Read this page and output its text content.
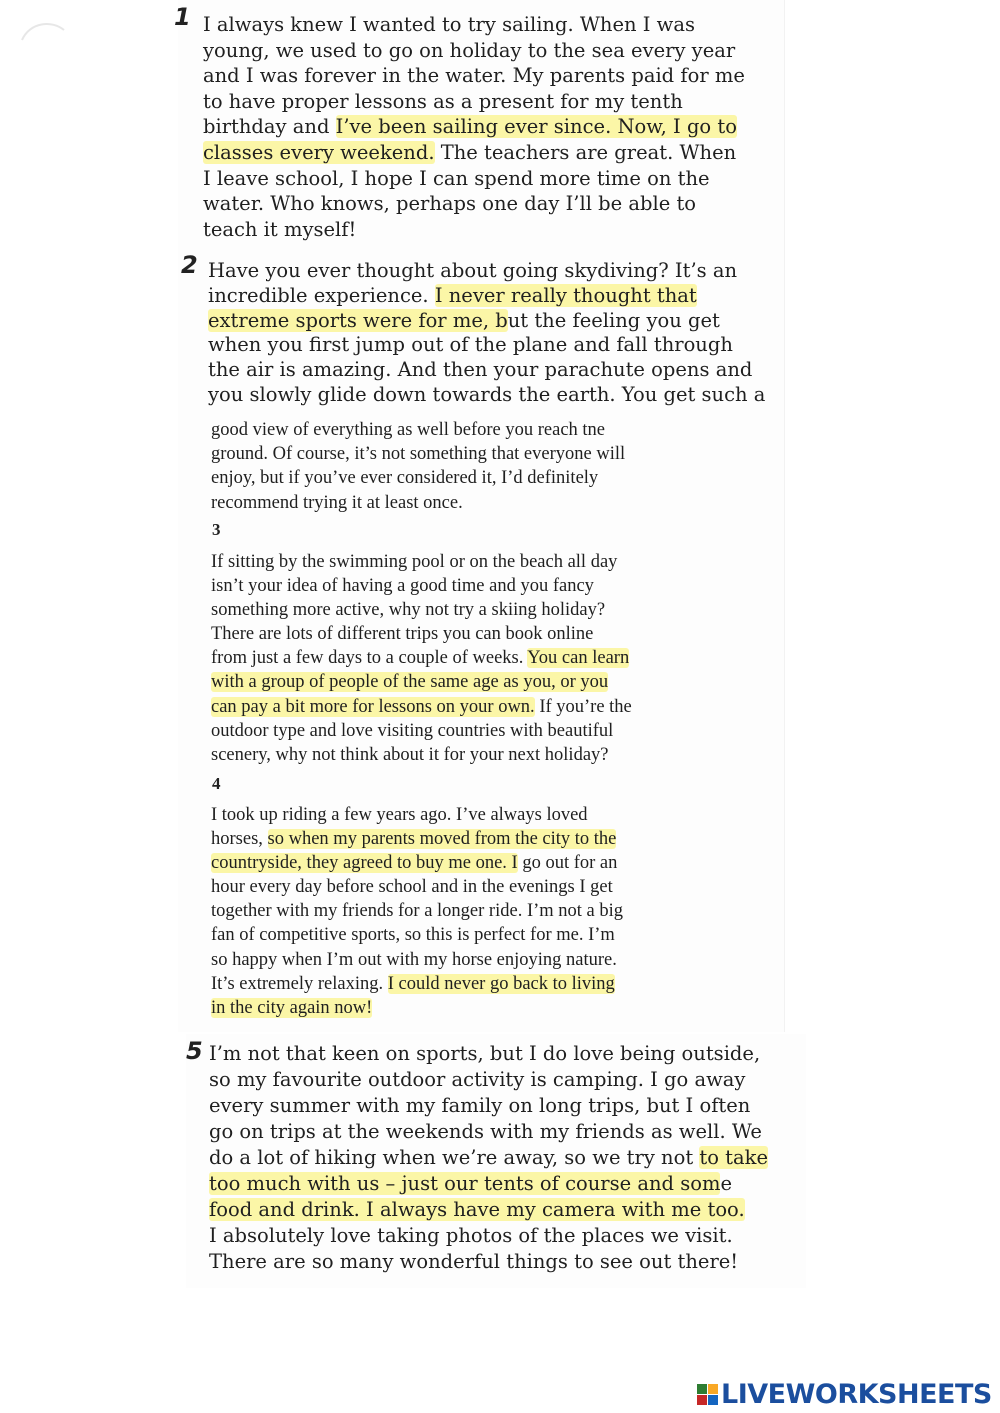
1 I always knew I wanted to try sailing. When I was
young, we used to go on holiday to the sea every year
and I was forever in the water. My parents paid for me
to have proper lessons as a present for my tenth
birthday and I’ve been sailing ever since. Now, I go to
classes every weekend. The teachers are great. When
I leave school, I hope I can spend more time on the
water. Who knows, perhaps one day I’ll be able to
teach it myself!

2 Have you ever thought about going skydiving? It’s an
incredible experience. I never really thought that
extreme sports were for me, but the feeling you get
when you first jump out of the plane and fall through
the air is amazing. And then your parachute opens and
you slowly glide down towards the earth. You get such a

good view of everything as well before you reach tne
ground. Of course, it’s not something that everyone will
enjoy, but if you’ve ever considered it, I’d definitely
recommend trying it at least once.

3

If sitting by the swimming pool or on the beach all day
isn’t your idea of having a good time and you fancy
something more active, why not try a skiing holiday?
There are lots of different trips you can book online
from just a few days to a couple of weeks. You can learn
with a group of people of the same age as you, or you
can pay a bit more for lessons on your own. If you’re the
outdoor type and love visiting countries with beautiful
scenery, why not think about it for your next holiday?

4

I took up riding a few years ago. I’ve always loved
horses, so when my parents moved from the city to the
countryside, they agreed to buy me one. I go out for an
hour every day before school and in the evenings I get
together with my friends for a longer ride. I’m not a big
fan of competitive sports, so this is perfect for me. I’m
so happy when I’m out with my horse enjoying nature.
It’s extremely relaxing. I could never go back to living
in the city again now!

5 I’m not that keen on sports, but I do love being outside,
so my favourite outdoor activity is camping. I go away
every summer with my family on long trips, but I often
go on trips at the weekends with my friends as well. We
do a lot of hiking when we’re away, so we try not to take
too much with us – just our tents of course and some
food and drink. I always have my camera with me too.
I absolutely love taking photos of the places we visit.
There are so many wonderful things to see out there!

LIVEWORKSHEETS
